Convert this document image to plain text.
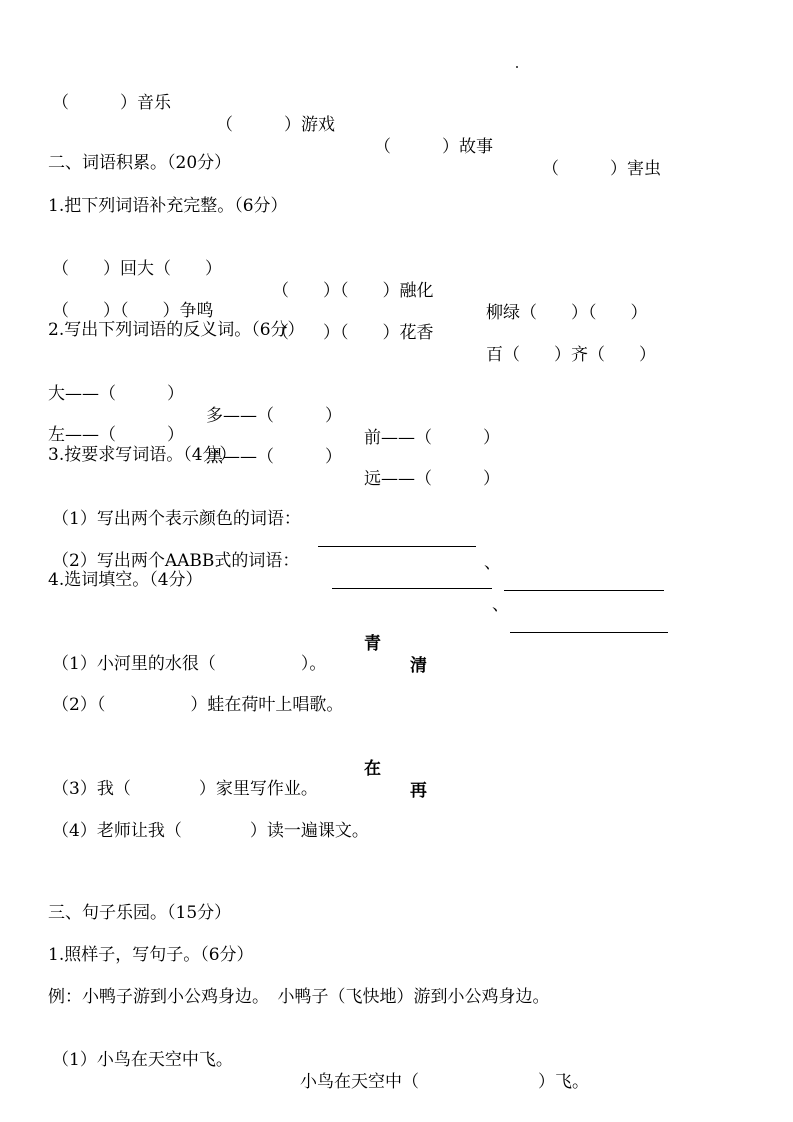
（　　　）音乐

（　　　）游戏

（　　　）故事

（　　　）害虫

二、词语积累。（20分）
1.把下列词语补充完整。（6分）

（　　）回大（　　）

（　　）（　　）融化

柳绿（　　）（　　）

（　　）（　　）争鸣

（　　）（　　）花香

百（　　）齐（　　）

2.写出下列词语的反义词。（6分）

大——（　　　）

多——（　　　）

前——（　　　）

左——（　　　）

黑——（　　　）

远——（　　　）

3.按要求写词语。（4分）

（1）写出两个表示颜色的词语：

、

（2）写出两个AABB式的词语：

、

4.选词填空。（4分）

青

清

（1）小河里的水很（　　　　　）。
（2）（　　　　　）蛙在荷叶上唱歌。

在

再

（3）我（　　　　）家里写作业。
（4）老师让我（　　　　）读一遍课文。
三、句子乐园。（15分）
1.照样子，写句子。（6分）
例：小鸭子游到小公鸡身边。　小鸭子（飞快地）游到小公鸡身边。

（1）小鸟在天空中飞。

小鸟在天空中（　　　　　　　）飞。
